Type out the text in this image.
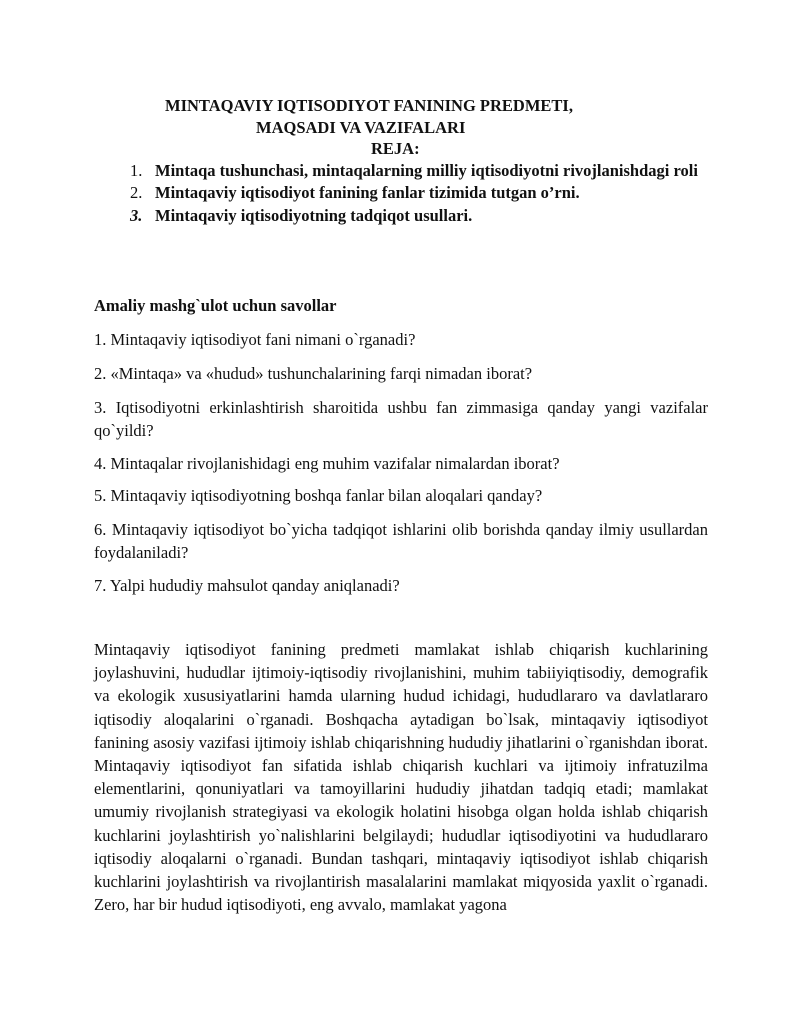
MINTAQAVIY IQTISODIYOT FANINING PREDMETI,
MAQSADI VA VAZIFALARI
REJA:
1. Mintaqa tushunchasi, mintaqalarning milliy iqtisodiyotni rivojlanishdagi roli
2. Mintaqaviy iqtisodiyot fanining fanlar tizimida tutgan o’rni.
3. Mintaqaviy iqtisodiyotning tadqiqot usullari.
Amaliy mashg`ulot uchun savollar
1. Mintaqaviy iqtisodiyot fani nimani o`rganadi?
2. «Mintaqa» va «hudud» tushunchalarining farqi nimadan iborat?
3. Iqtisodiyotni erkinlashtirish sharoitida ushbu fan zimmasiga qanday yangi vazifalar qo`yildi?
4. Mintaqalar rivojlanishidagi eng muhim vazifalar nimalardan iborat?
5. Mintaqaviy iqtisodiyotning boshqa fanlar bilan aloqalari qanday?
6. Mintaqaviy iqtisodiyot bo`yicha tadqiqot ishlarini olib borishda qanday ilmiy usullardan foydalaniladi?
7. Yalpi hududiy mahsulot qanday aniqlanadi?
Mintaqaviy iqtisodiyot fanining predmeti mamlakat ishlab chiqarish kuchlarining joylashuvini, hududlar ijtimoiy-iqtisodiy rivojlanishini, muhim tabiiyiqtisodiy, demografik va ekologik xususiyatlarini hamda ularning hudud ichidagi, hududlararo va davlatlararo iqtisodiy aloqalarini o`rganadi. Boshqacha aytadigan bo`lsak, mintaqaviy iqtisodiyot fanining asosiy vazifasi ijtimoiy ishlab chiqarishning hududiy jihatlarini o`rganishdan iborat. Mintaqaviy iqtisodiyot fan sifatida ishlab chiqarish kuchlari va ijtimoiy infratuzilma elementlarini, qonuniyatlari va tamoyillarini hududiy jihatdan tadqiq etadi; mamlakat umumiy rivojlanish strategiyasi va ekologik holatini hisobga olgan holda ishlab chiqarish kuchlarini joylashtirish yo`nalishlarini belgilaydi; hududlar iqtisodiyotini va hududlararo iqtisodiy aloqalarni o`rganadi. Bundan tashqari, mintaqaviy iqtisodiyot ishlab chiqarish kuchlarini joylashtirish va rivojlantirish masalalarini mamlakat miqyosida yaxlit o`rganadi. Zero, har bir hudud iqtisodiyoti, eng avvalo, mamlakat yagona
